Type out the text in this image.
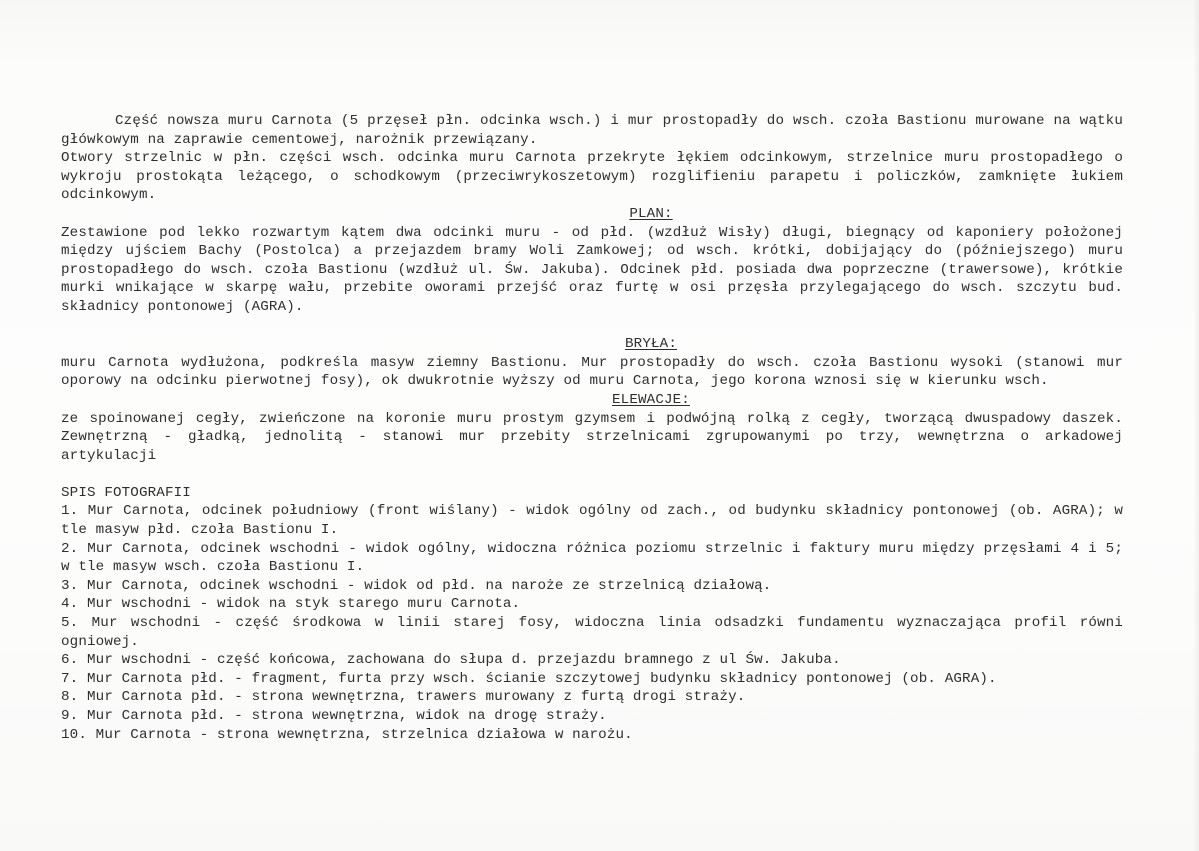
Część nowsza muru Carnota (5 przęseł płn. odcinka wsch.) i mur prostopadły do wsch. czoła Bastionu murowane na wątku główkowym na zaprawie cementowej, narożnik przewiązany.

Otwory strzelnic w płn. części wsch. odcinka muru Carnota przekryte łękiem odcinkowym, strzelnice muru prostopadłego o wykroju prostokąta leżącego, o schodkowym (przeciwrykoszetowym) rozglifieniu parapetu i policzków, zamknięte łukiem odcinkowym.

PLAN:

Zestawione pod lekko rozwartym kątem dwa odcinki muru - od płd. (wzdłuż Wisły) długi, biegnący od kaponiery położonej między ujściem Bachy (Postolca) a przejazdem bramy Woli Zamkowej; od wsch. krótki, dobijający do (późniejszego) muru prostopadłego do wsch. czoła Bastionu (wzdłuż ul. Św. Jakuba). Odcinek płd. posiada dwa poprzeczne (trawersowe), krótkie murki wnikające w skarpę wału, przebite oworami przejść oraz furtę w osi przęsła przylegającego do wsch. szczytu bud. składnicy pontonowej (AGRA).

BRYŁA:

muru Carnota wydłużona, podkreśla masyw ziemny Bastionu. Mur prostopadły do wsch. czoła Bastionu wysoki (stanowi mur oporowy na odcinku pierwotnej fosy), ok dwukrotnie wyższy od muru Carnota, jego korona wznosi się w kierunku wsch.

ELEWACJE:

ze spoinowanej cegły, zwieńczone na koronie muru prostym gzymsem i podwójną rolką z cegły, tworzącą dwuspadowy daszek. Zewnętrzną - gładką, jednolitą - stanowi mur przebity strzelnicami zgrupowanymi po trzy, wewnętrzna o arkadowej artykulacji

SPIS FOTOGRAFII

1. Mur Carnota, odcinek południowy (front wiślany) - widok ogólny od zach., od budynku składnicy pontonowej (ob. AGRA); w tle masyw płd. czoła Bastionu I.

2. Mur Carnota, odcinek wschodni - widok ogólny, widoczna różnica poziomu strzelnic i faktury muru między przęsłami 4 i 5; w tle masyw wsch. czoła Bastionu I.

3. Mur Carnota, odcinek wschodni - widok od płd. na naroże ze strzelnicą działową.

4. Mur wschodni - widok na styk starego muru Carnota.

5. Mur wschodni - część środkowa w linii starej fosy, widoczna linia odsadzki fundamentu wyznaczająca profil równi ogniowej.

6. Mur wschodni - część końcowa, zachowana do słupa d. przejazdu bramnego z ul Św. Jakuba.

7. Mur Carnota płd. - fragment, furta przy wsch. ścianie szczytowej budynku składnicy pontonowej (ob. AGRA).

8. Mur Carnota płd. - strona wewnętrzna, trawers murowany z furtą drogi straży.

9. Mur Carnota płd. - strona wewnętrzna, widok na drogę straży.

10. Mur Carnota - strona wewnętrzna, strzelnica działowa w narożu.
